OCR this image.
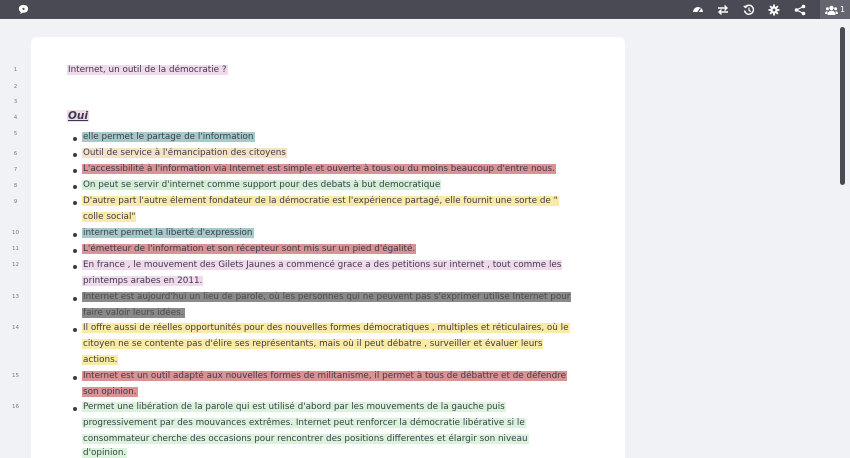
1
1
2
3
4
5
6
7
8
9
10
11
12
13
14
15
16
Internet, un outil de la démocratie ?
Oui
elle permet le partage de l'information
Outil de service à l'émancipation des citoyens
L'accessibilité à l'information via Internet est simple et ouverte à tous ou du moins beaucoup d'entre nous.
On peut se servir d'internet comme support pour des debats à but democratique
D'autre part l'autre élement fondateur de la démocratie est l'expérience partagé, elle fournit une sorte de "
colle social"
internet permet la liberté d'expression
L'émetteur de l'information et son récepteur sont mis sur un pied d'égalité.
En france , le mouvement des Gilets Jaunes a commencé grace a des petitions sur internet , tout comme les
printemps arabes en 2011.
Internet est aujourd'hui un lieu de parole, où les personnes qui ne peuvent pas s'exprimer utilise Internet pour
faire valoir leurs idées.
Il offre aussi de réelles opportunités pour des nouvelles formes démocratiques , multiples et réticulaires, où le
citoyen ne se contente pas d'élire ses représentants, mais où il peut débatre , surveiller et évaluer leurs
actions.
Internet est un outil adapté aux nouvelles formes de militanisme, il permet à tous de débattre et de défendre
son opinion.
Permet une libération de la parole qui est utilisé d'abord par les mouvements de la gauche puis
progressivement par des mouvances extrêmes. Internet peut renforcer la démocratie libérative si le
consommateur cherche des occasions pour rencontrer des positions differentes et élargir son niveau
d'opinion.
